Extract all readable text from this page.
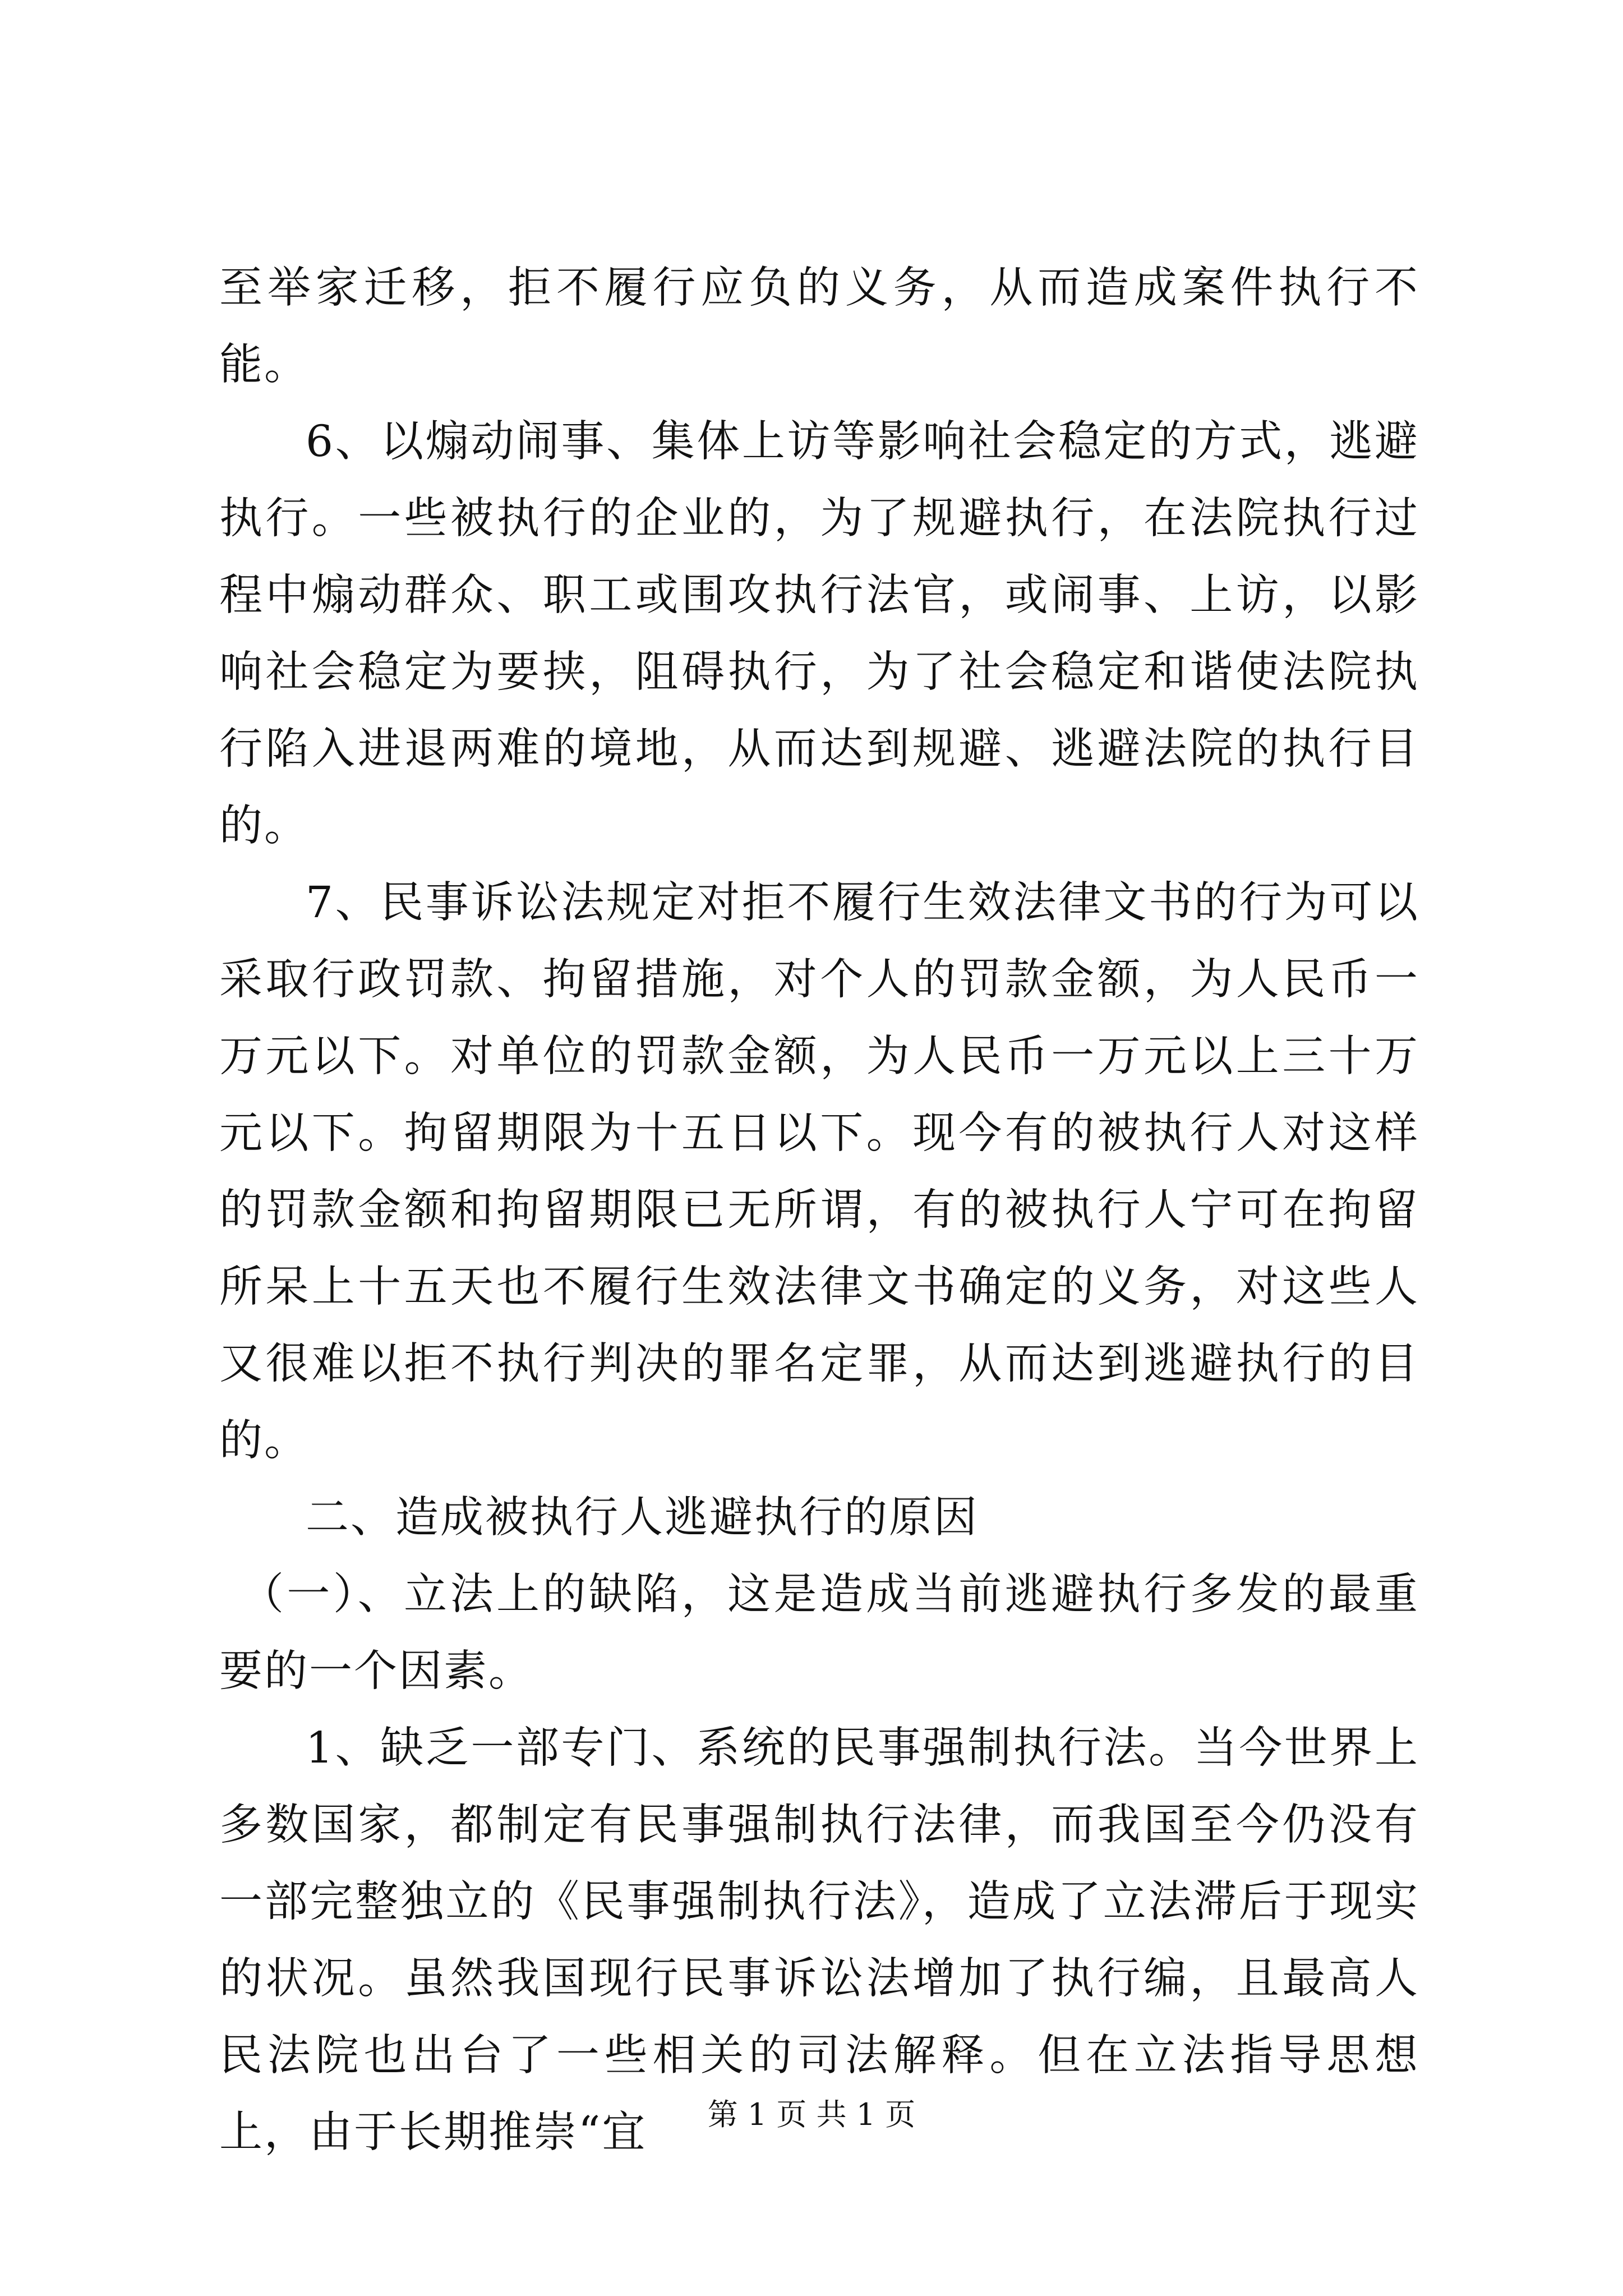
至举家迁移，拒不履行应负的义务，从而造成案件执行不能。

6、以煽动闹事、集体上访等影响社会稳定的方式，逃避执行。一些被执行的企业的，为了规避执行，在法院执行过程中煽动群众、职工或围攻执行法官，或闹事、上访，以影响社会稳定为要挟，阻碍执行，为了社会稳定和谐使法院执行陷入进退两难的境地，从而达到规避、逃避法院的执行目的。

7、民事诉讼法规定对拒不履行生效法律文书的行为可以采取行政罚款、拘留措施，对个人的罚款金额，为人民币一万元以下。对单位的罚款金额，为人民币一万元以上三十万元以下。拘留期限为十五日以下。现今有的被执行人对这样的罚款金额和拘留期限已无所谓，有的被执行人宁可在拘留所呆上十五天也不履行生效法律文书确定的义务，对这些人又很难以拒不执行判决的罪名定罪，从而达到逃避执行的目的。

二、造成被执行人逃避执行的原因

（一）、立法上的缺陷，这是造成当前逃避执行多发的最重要的一个因素。

1、缺乏一部专门、系统的民事强制执行法。当今世界上多数国家，都制定有民事强制执行法律，而我国至今仍没有一部完整独立的《民事强制执行法》，造成了立法滞后于现实的状况。虽然我国现行民事诉讼法增加了执行编，且最高人民法院也出台了一些相关的司法解释。但在立法指导思想上，由于长期推崇“宜	第 1 页 共 1 页
